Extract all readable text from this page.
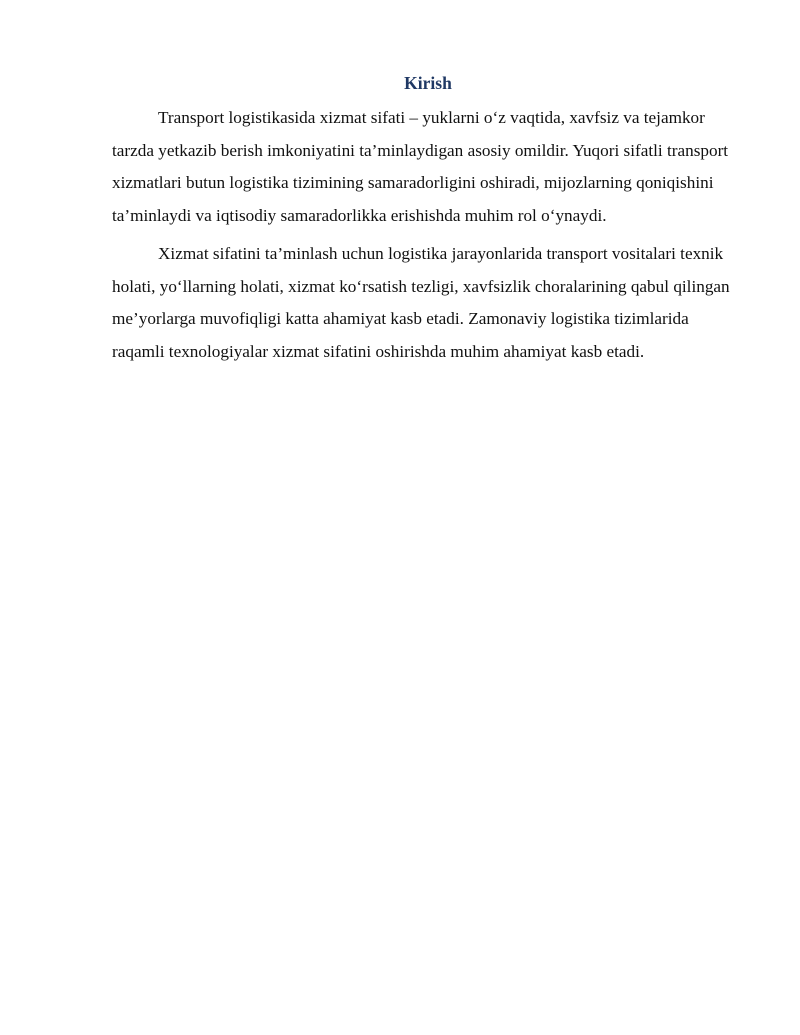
Kirish

Transport logistikasida xizmat sifati – yuklarni o‘z vaqtida, xavfsiz va tejamkor tarzda yetkazib berish imkoniyatini ta’minlaydigan asosiy omildir. Yuqori sifatli transport xizmatlari butun logistika tizimining samaradorligini oshiradi, mijozlarning qoniqishini ta’minlaydi va iqtisodiy samaradorlikka erishishda muhim rol o‘ynaydi.

Xizmat sifatini ta’minlash uchun logistika jarayonlarida transport vositalari texnik holati, yo‘llarning holati, xizmat ko‘rsatish tezligi, xavfsizlik choralarining qabul qilingan me’yorlarga muvofiqligi katta ahamiyat kasb etadi. Zamonaviy logistika tizimlarida raqamli texnologiyalar xizmat sifatini oshirishda muhim ahamiyat kasb etadi.
